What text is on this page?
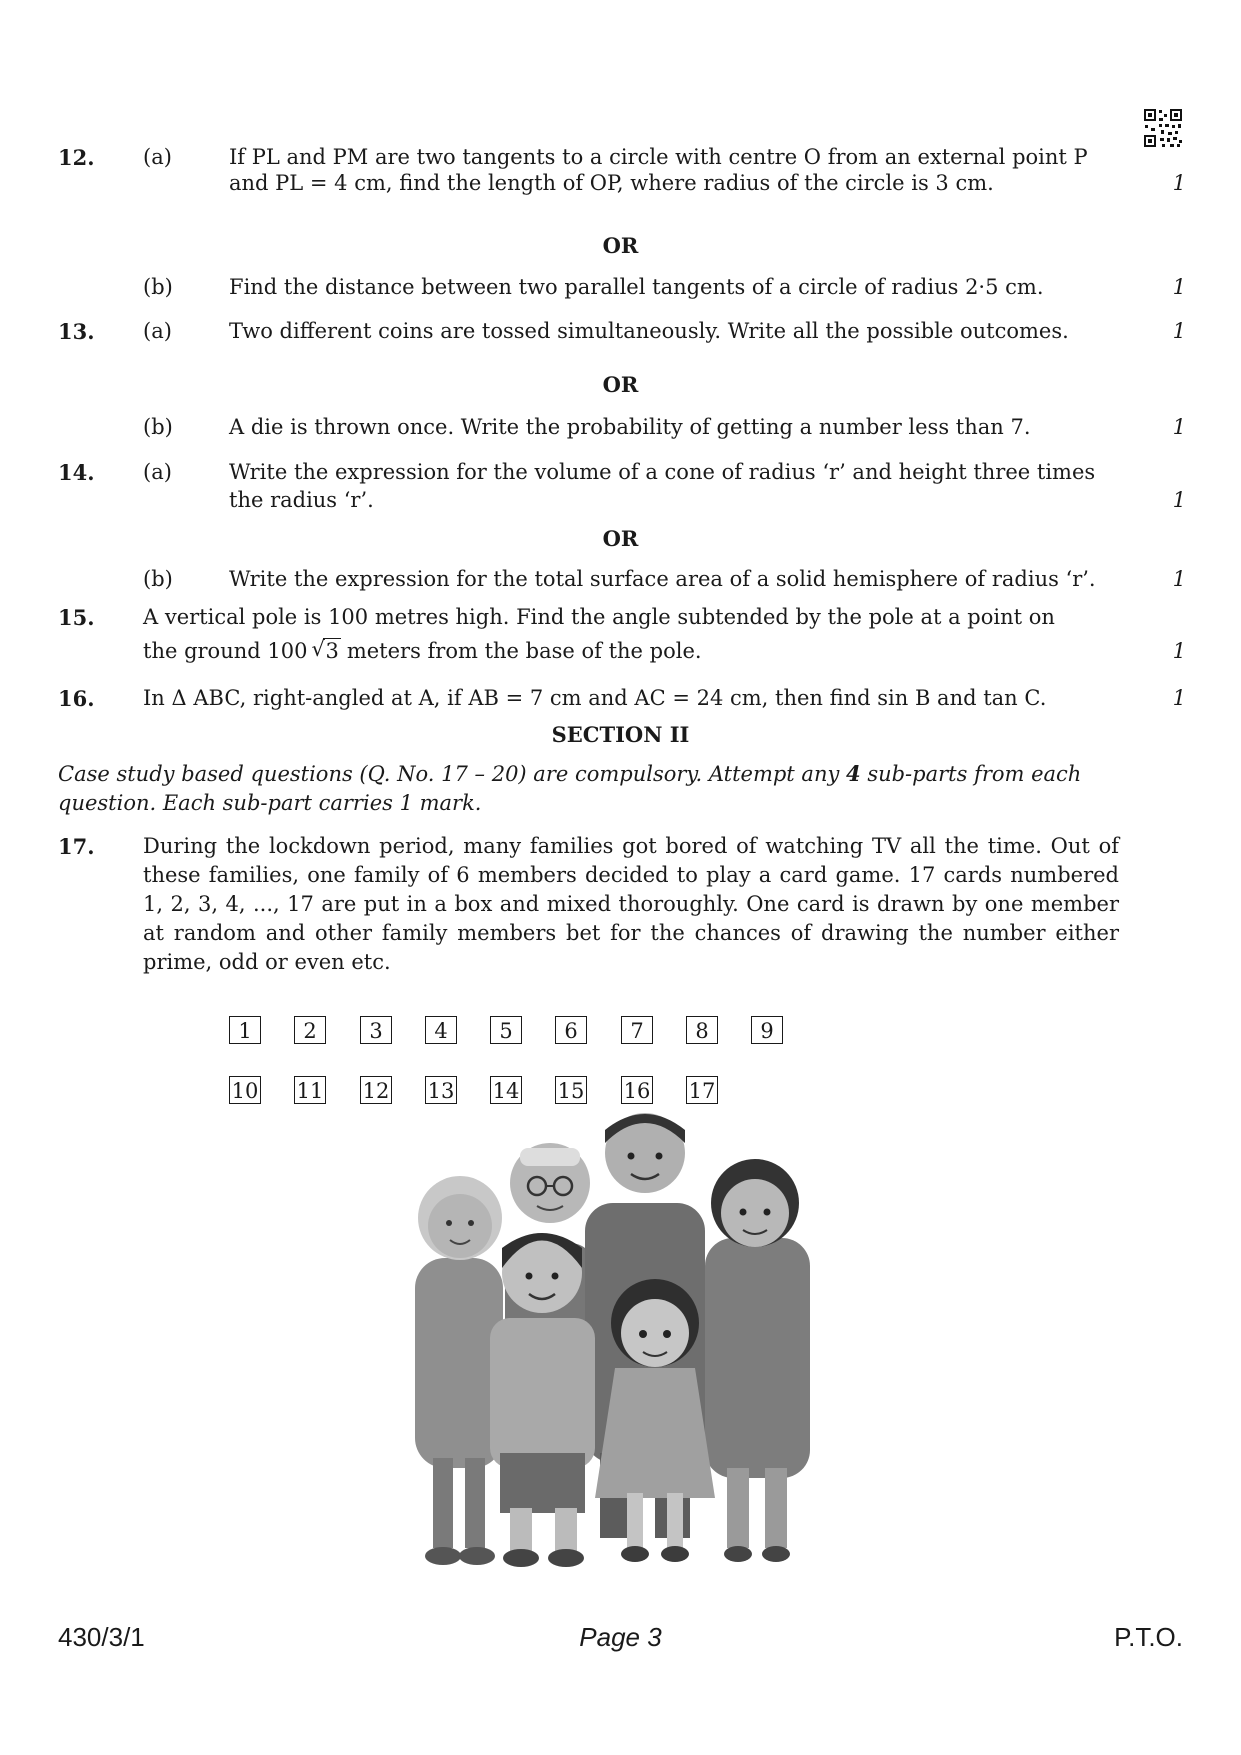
12. (a)	If PL and PM are two tangents to a circle with centre O from an external point P
and PL = 4 cm, find the length of OP, where radius of the circle is 3 cm.	1
OR
(b)	Find the distance between two parallel tangents of a circle of radius 2·5 cm.	1
13. (a)	Two different coins are tossed simultaneously. Write all the possible outcomes.	1
OR
(b)	A die is thrown once. Write the probability of getting a number less than 7.	1
14. (a)	Write the expression for the volume of a cone of radius ‘r’ and height three times
the radius ‘r’.	1
OR
(b)	Write the expression for the total surface area of a solid hemisphere of radius ‘r’.	1
15. A vertical pole is 100 metres high. Find the angle subtended by the pole at a point on
the ground 100 √ 3 meters from the base of the pole.	1
16. In Δ ABC, right-angled at A, if AB = 7 cm and AC = 24 cm, then find sin B and tan C.	1
SECTION II
Case study based questions (Q. No. 17 – 20) are compulsory. Attempt any 4 sub-parts from each
question. Each sub-part carries 1 mark.
17. During the lockdown period, many families got bored of watching TV all the time. Out of these families, one family of 6 members decided to play a card game. 17 cards numbered 1, 2, 3, 4, ..., 17 are put in a box and mixed thoroughly. One card is drawn by one member at random and other family members bet for the chances of drawing the number either prime, odd or even etc.
1	2	3	4	5	6	7	8	9
10 11 12 13 14 15 16 17
430/3/1	Page 3	P.T.O.
